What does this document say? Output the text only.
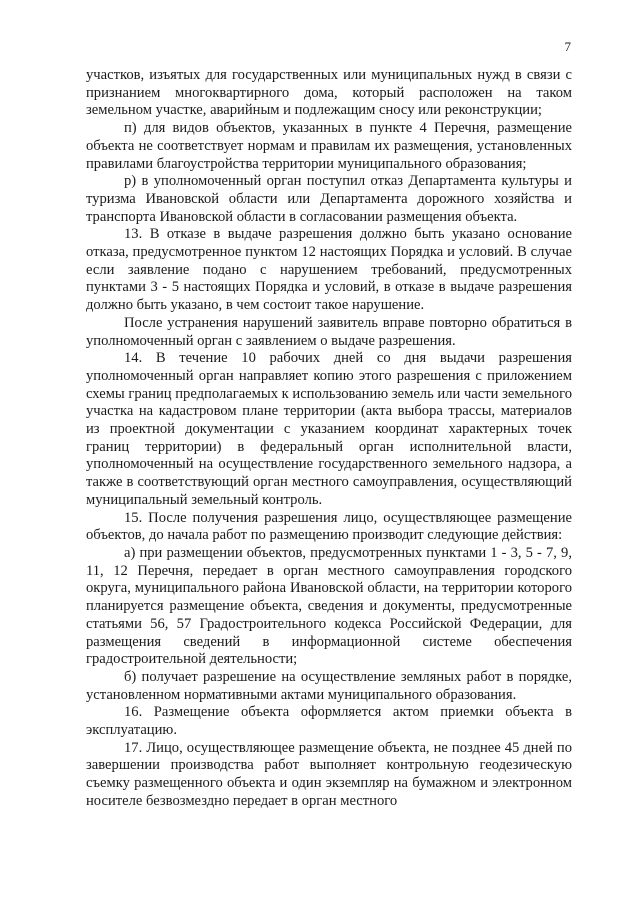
7

участков, изъятых для государственных или муниципальных нужд в связи с признанием многоквартирного дома, который расположен на таком земельном участке, аварийным и подлежащим сносу или реконструкции;

п) для видов объектов, указанных в пункте 4 Перечня, размещение объекта не соответствует нормам и правилам их размещения, установленных правилами благоустройства территории муниципального образования;

р) в уполномоченный орган поступил отказ Департамента культуры и туризма Ивановской области или Департамента дорожного хозяйства и транспорта Ивановской области в согласовании размещения объекта.

13. В отказе в выдаче разрешения должно быть указано основание отказа, предусмотренное пунктом 12 настоящих Порядка и условий. В случае если заявление подано с нарушением требований, предусмотренных пунктами 3 - 5 настоящих Порядка и условий, в отказе в выдаче разрешения должно быть указано, в чем состоит такое нарушение.

После устранения нарушений заявитель вправе повторно обратиться в уполномоченный орган с заявлением о выдаче разрешения.

14. В течение 10 рабочих дней со дня выдачи разрешения уполномоченный орган направляет копию этого разрешения с приложением схемы границ предполагаемых к использованию земель или части земельного участка на кадастровом плане территории (акта выбора трассы, материалов из проектной документации с указанием координат характерных точек границ территории) в федеральный орган исполнительной власти, уполномоченный на осуществление государственного земельного надзора, а также в соответствующий орган местного самоуправления, осуществляющий муниципальный земельный контроль.

15. После получения разрешения лицо, осуществляющее размещение объектов, до начала работ по размещению производит следующие действия:

а) при размещении объектов, предусмотренных пунктами 1 - 3, 5 - 7, 9, 11, 12 Перечня, передает в орган местного самоуправления городского округа, муниципального района Ивановской области, на территории которого планируется размещение объекта, сведения и документы, предусмотренные статьями 56, 57 Градостроительного кодекса Российской Федерации, для размещения сведений в информационной системе обеспечения градостроительной деятельности;

б) получает разрешение на осуществление земляных работ в порядке, установленном нормативными актами муниципального образования.

16. Размещение объекта оформляется актом приемки объекта в эксплуатацию.

17. Лицо, осуществляющее размещение объекта, не позднее 45 дней по завершении производства работ выполняет контрольную геодезическую съемку размещенного объекта и один экземпляр на бумажном и электронном носителе безвозмездно передает в орган местного
